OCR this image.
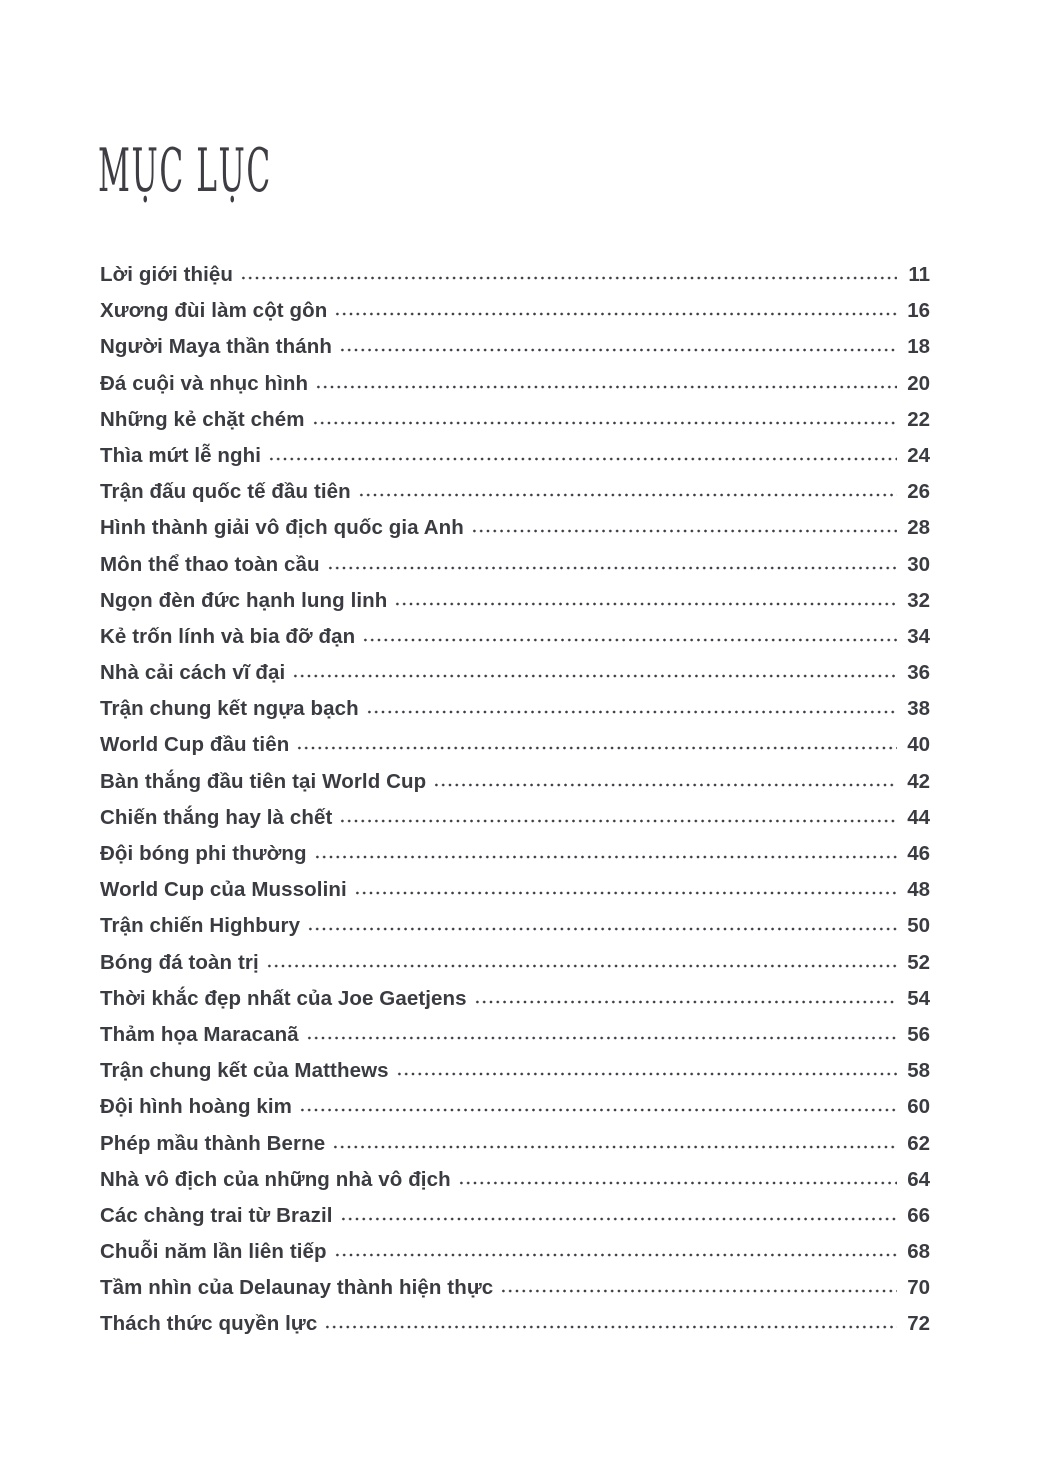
MỤC LỤC
Lời giới thiệu	11
Xương đùi làm cột gôn	16
Người Maya thần thánh	18
Đá cuội và nhục hình	20
Những kẻ chặt chém	22
Thìa mứt lễ nghi	24
Trận đấu quốc tế đầu tiên	26
Hình thành giải vô địch quốc gia Anh	28
Môn thể thao toàn cầu	30
Ngọn đèn đức hạnh lung linh	32
Kẻ trốn lính và bia đỡ đạn	34
Nhà cải cách vĩ đại	36
Trận chung kết ngựa bạch	38
World Cup đầu tiên	40
Bàn thắng đầu tiên tại World Cup	42
Chiến thắng hay là chết	44
Đội bóng phi thường	46
World Cup của Mussolini	48
Trận chiến Highbury	50
Bóng đá toàn trị	52
Thời khắc đẹp nhất của Joe Gaetjens	54
Thảm họa Maracanã	56
Trận chung kết của Matthews	58
Đội hình hoàng kim	60
Phép mầu thành Berne	62
Nhà vô địch của những nhà vô địch	64
Các chàng trai từ Brazil	66
Chuỗi năm lần liên tiếp	68
Tầm nhìn của Delaunay thành hiện thực	70
Thách thức quyền lực	72
